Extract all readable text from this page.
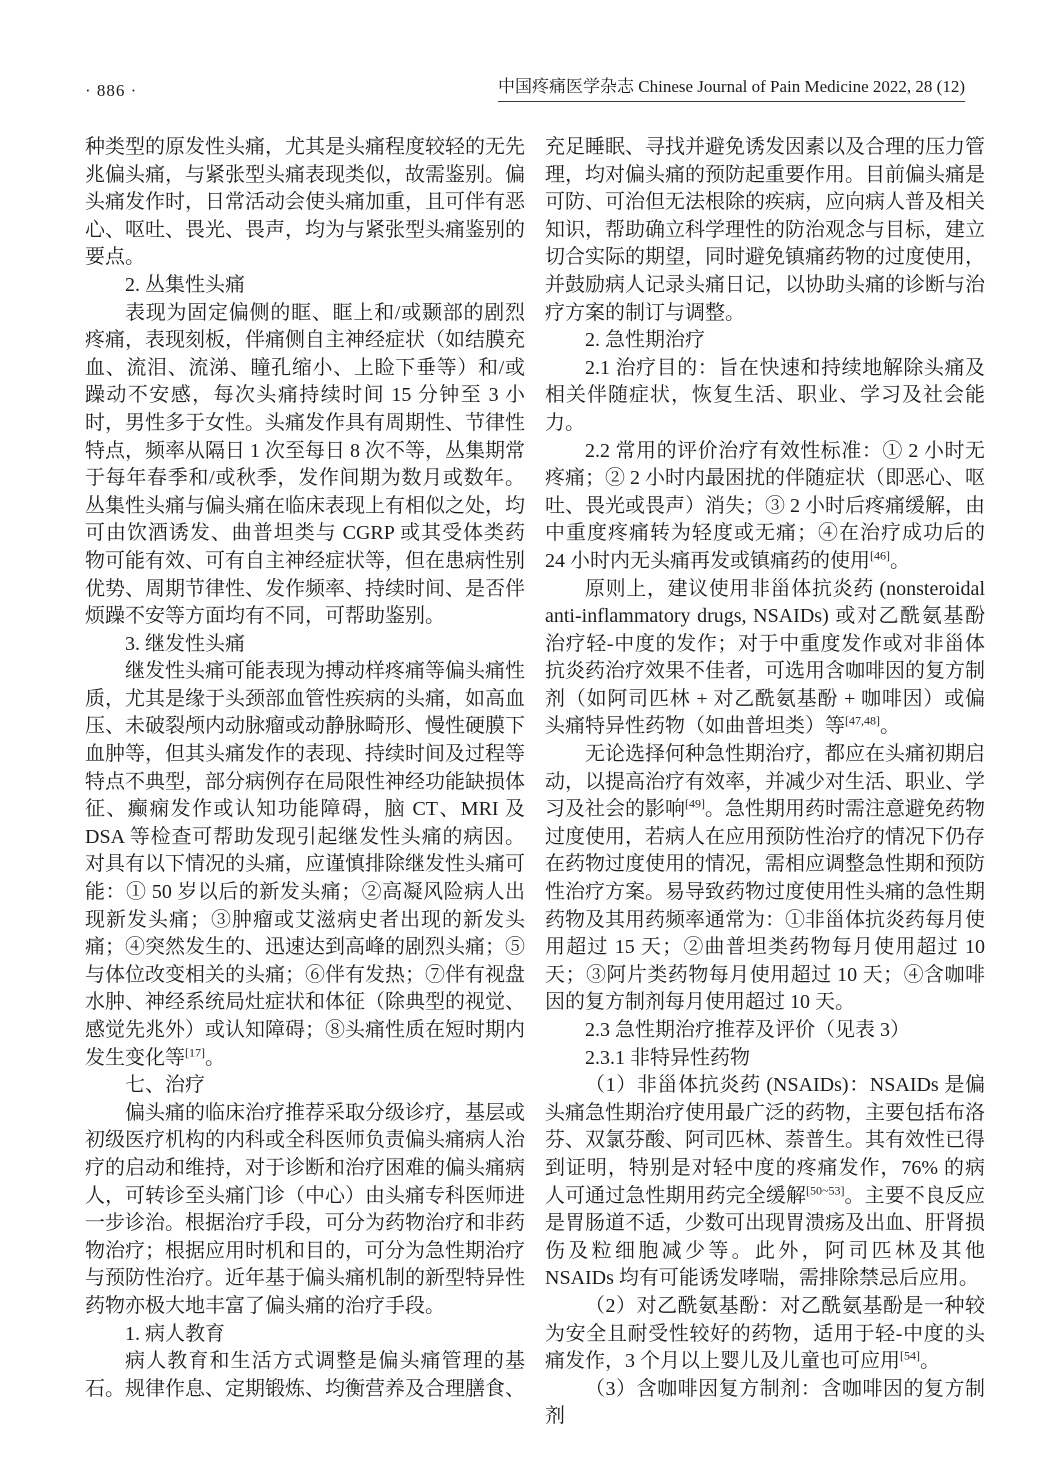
· 886 ·	中国疼痛医学杂志 Chinese Journal of Pain Medicine 2022, 28 (12)

种类型的原发性头痛，尤其是头痛程度较轻的无先兆偏头痛，与紧张型头痛表现类似，故需鉴别。偏头痛发作时，日常活动会使头痛加重，且可伴有恶心、呕吐、畏光、畏声，均为与紧张型头痛鉴别的要点。

2. 丛集性头痛

表现为固定偏侧的眶、眶上和/或颞部的剧烈疼痛，表现刻板，伴痛侧自主神经症状（如结膜充血、流泪、流涕、瞳孔缩小、上睑下垂等）和/或躁动不安感，每次头痛持续时间 15 分钟至 3 小时，男性多于女性。头痛发作具有周期性、节律性特点，频率从隔日 1 次至每日 8 次不等，丛集期常于每年春季和/或秋季，发作间期为数月或数年。丛集性头痛与偏头痛在临床表现上有相似之处，均可由饮酒诱发、曲普坦类与 CGRP 或其受体类药物可能有效、可有自主神经症状等，但在患病性别优势、周期节律性、发作频率、持续时间、是否伴烦躁不安等方面均有不同，可帮助鉴别。

3. 继发性头痛

继发性头痛可能表现为搏动样疼痛等偏头痛性质，尤其是缘于头颈部血管性疾病的头痛，如高血压、未破裂颅内动脉瘤或动静脉畸形、慢性硬膜下血肿等，但其头痛发作的表现、持续时间及过程等特点不典型，部分病例存在局限性神经功能缺损体征、癫痫发作或认知功能障碍，脑 CT、MRI 及 DSA 等检查可帮助发现引起继发性头痛的病因。对具有以下情况的头痛，应谨慎排除继发性头痛可能：① 50 岁以后的新发头痛；②高凝风险病人出现新发头痛；③肿瘤或艾滋病史者出现的新发头痛；④突然发生的、迅速达到高峰的剧烈头痛；⑤与体位改变相关的头痛；⑥伴有发热；⑦伴有视盘水肿、神经系统局灶症状和体征（除典型的视觉、感觉先兆外）或认知障碍；⑧头痛性质在短时期内发生变化等[17]。

七、治疗

偏头痛的临床治疗推荐采取分级诊疗，基层或初级医疗机构的内科或全科医师负责偏头痛病人治疗的启动和维持，对于诊断和治疗困难的偏头痛病人，可转诊至头痛门诊（中心）由头痛专科医师进一步诊治。根据治疗手段，可分为药物治疗和非药物治疗；根据应用时机和目的，可分为急性期治疗与预防性治疗。近年基于偏头痛机制的新型特异性药物亦极大地丰富了偏头痛的治疗手段。

1. 病人教育

病人教育和生活方式调整是偏头痛管理的基石。规律作息、定期锻炼、均衡营养及合理膳食、

充足睡眠、寻找并避免诱发因素以及合理的压力管理，均对偏头痛的预防起重要作用。目前偏头痛是可防、可治但无法根除的疾病，应向病人普及相关知识，帮助确立科学理性的防治观念与目标，建立切合实际的期望，同时避免镇痛药物的过度使用，并鼓励病人记录头痛日记，以协助头痛的诊断与治疗方案的制订与调整。

2. 急性期治疗

2.1 治疗目的：旨在快速和持续地解除头痛及相关伴随症状，恢复生活、职业、学习及社会能力。

2.2 常用的评价治疗有效性标准：① 2 小时无疼痛；② 2 小时内最困扰的伴随症状（即恶心、呕吐、畏光或畏声）消失；③ 2 小时后疼痛缓解，由中重度疼痛转为轻度或无痛；④在治疗成功后的 24 小时内无头痛再发或镇痛药的使用[46]。

原则上，建议使用非甾体抗炎药 (nonsteroidal anti-inflammatory drugs, NSAIDs) 或对乙酰氨基酚治疗轻-中度的发作；对于中重度发作或对非甾体抗炎药治疗效果不佳者，可选用含咖啡因的复方制剂（如阿司匹林 + 对乙酰氨基酚 + 咖啡因）或偏头痛特异性药物（如曲普坦类）等[47,48]。

无论选择何种急性期治疗，都应在头痛初期启动，以提高治疗有效率，并减少对生活、职业、学习及社会的影响[49]。急性期用药时需注意避免药物过度使用，若病人在应用预防性治疗的情况下仍存在药物过度使用的情况，需相应调整急性期和预防性治疗方案。易导致药物过度使用性头痛的急性期药物及其用药频率通常为：①非甾体抗炎药每月使用超过 15 天；②曲普坦类药物每月使用超过 10 天；③阿片类药物每月使用超过 10 天；④含咖啡因的复方制剂每月使用超过 10 天。

2.3 急性期治疗推荐及评价（见表 3）

2.3.1 非特异性药物

（1）非甾体抗炎药 (NSAIDs)：NSAIDs 是偏头痛急性期治疗使用最广泛的药物，主要包括布洛芬、双氯芬酸、阿司匹林、萘普生。其有效性已得到证明，特别是对轻中度的疼痛发作，76% 的病人可通过急性期用药完全缓解[50~53]。主要不良反应是胃肠道不适，少数可出现胃溃疡及出血、肝肾损伤及粒细胞减少等。此外，阿司匹林及其他 NSAIDs 均有可能诱发哮喘，需排除禁忌后应用。

（2）对乙酰氨基酚：对乙酰氨基酚是一种较为安全且耐受性较好的药物，适用于轻-中度的头痛发作，3 个月以上婴儿及儿童也可应用[54]。

（3）含咖啡因复方制剂：含咖啡因的复方制剂
